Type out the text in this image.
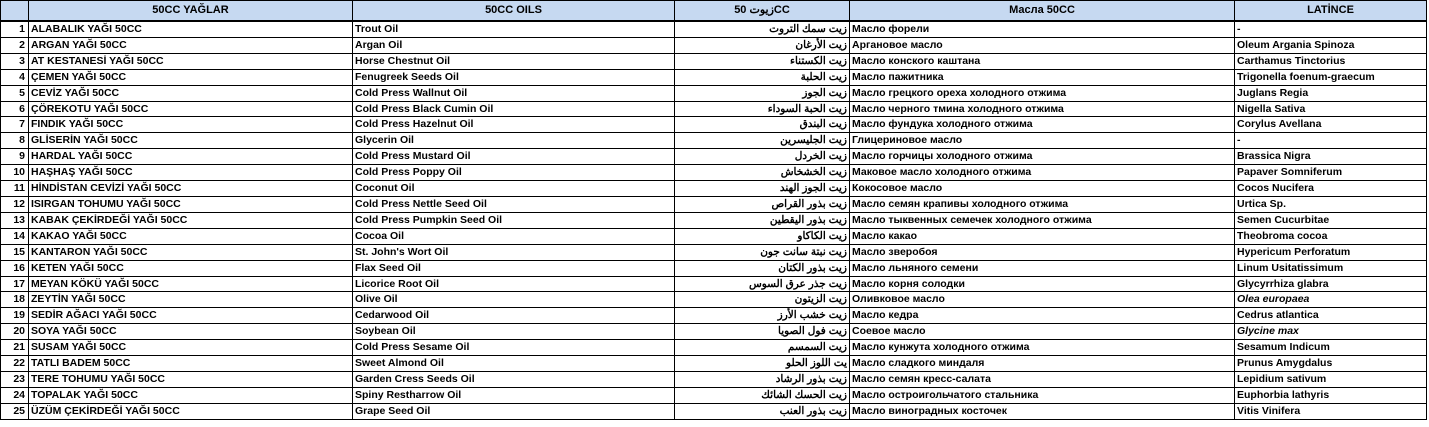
	50CC YAĞLAR	50CC OILS	زيوت 50CC	Масла 50CC	LATİNCE
1	ALABALIK YAĞI 50CC	Trout Oil	زيت سمك التروت	Масло форели	-
2	ARGAN YAĞI 50CC	Argan Oil	زيت الأرغان	Аргановое масло	Oleum Argania Spinoza
3	AT KESTANESİ YAĞI 50CC	Horse Chestnut Oil	زيت الكستناء	Масло конского каштана	Carthamus Tinctorius
4	ÇEMEN YAĞI 50CC	Fenugreek Seeds Oil	زيت الحلبة	Масло пажитника	Trigonella foenum-graecum
5	CEVİZ YAĞI 50CC	Cold Press Wallnut Oil	زيت الجوز	Масло грецкого ореха холодного отжима	Juglans Regia
6	ÇÖREKOTU YAĞI 50CC	Cold Press Black Cumin Oil	زيت الحبة السوداء	Масло черного тмина холодного отжима	Nigella Sativa
7	FINDIK YAĞI 50CC	Cold Press Hazelnut Oil	زيت البندق	Масло фундука холодного отжима	Corylus Avellana
8	GLİSERİN YAĞI 50CC	Glycerin Oil	زيت الجليسرين	Глицериновое масло	-
9	HARDAL YAĞI 50CC	Cold Press Mustard Oil	زيت الخردل	Масло горчицы холодного отжима	Brassica Nigra
10	HAŞHAŞ YAĞI 50CC	Cold Press Poppy Oil	زيت الخشخاش	Маковое масло холодного отжима	Papaver Somniferum
11	HİNDİSTAN CEVİZİ YAĞI 50CC	Coconut Oil	زيت الجوز الهند	Кокосовое масло	Cocos Nucifera
12	ISIRGAN TOHUMU YAĞI 50CC	Cold Press Nettle Seed Oil	زيت بذور القراص	Масло семян крапивы холодного отжима	Urtica Sp.
13	KABAK ÇEKİRDEĞİ YAĞI 50CC	Cold Press Pumpkin Seed Oil	زيت بذور اليقطين	Масло тыквенных семечек холодного отжима	Semen Cucurbitae
14	KAKAO YAĞI 50CC	Cocoa Oil	زيت الكاكاو	Масло какао	Theobroma cocoa
15	KANTARON YAĞI 50CC	St. John's Wort Oil	زيت نبتة سانت جون	Масло зверобоя	Hypericum Perforatum
16	KETEN YAĞI 50CC	Flax Seed Oil	زيت بذور الكتان	Масло льняного семени	Linum Usitatissimum
17	MEYAN KÖKÜ YAĞI 50CC	Licorice Root Oil	زيت جذر عرق السوس	Масло корня солодки	Glycyrrhiza glabra
18	ZEYTİN YAĞI 50CC	Olive Oil	زيت الزيتون	Оливковое масло	Olea europaea
19	SEDİR AĞACI YAĞI 50CC	Cedarwood Oil	زيت خشب الأرز	Масло кедра	Cedrus atlantica
20	SOYA YAĞI 50CC	Soybean Oil	زيت فول الصويا	Соевое масло	Glycine max
21	SUSAM YAĞI 50CC	Cold Press Sesame Oil	زيت السمسم	Масло кунжута холодного отжима	Sesamum Indicum
22	TATLI BADEM 50CC	Sweet Almond Oil	يت اللوز الحلو	Масло сладкого миндаля	Prunus Amygdalus
23	TERE TOHUMU YAĞI 50CC	Garden Cress Seeds Oil	زيت بذور الرشاد	Масло семян кресс-салата	Lepidium sativum
24	TOPALAK YAĞI 50CC	Spiny Restharrow Oil	زيت الحسك الشائك	Масло остроигольчатого стальника	Euphorbia lathyris
25	ÜZÜM ÇEKİRDEĞİ YAĞI 50CC	Grape Seed Oil	زيت بذور العنب	Масло виноградных косточек	Vitis Vinifera
